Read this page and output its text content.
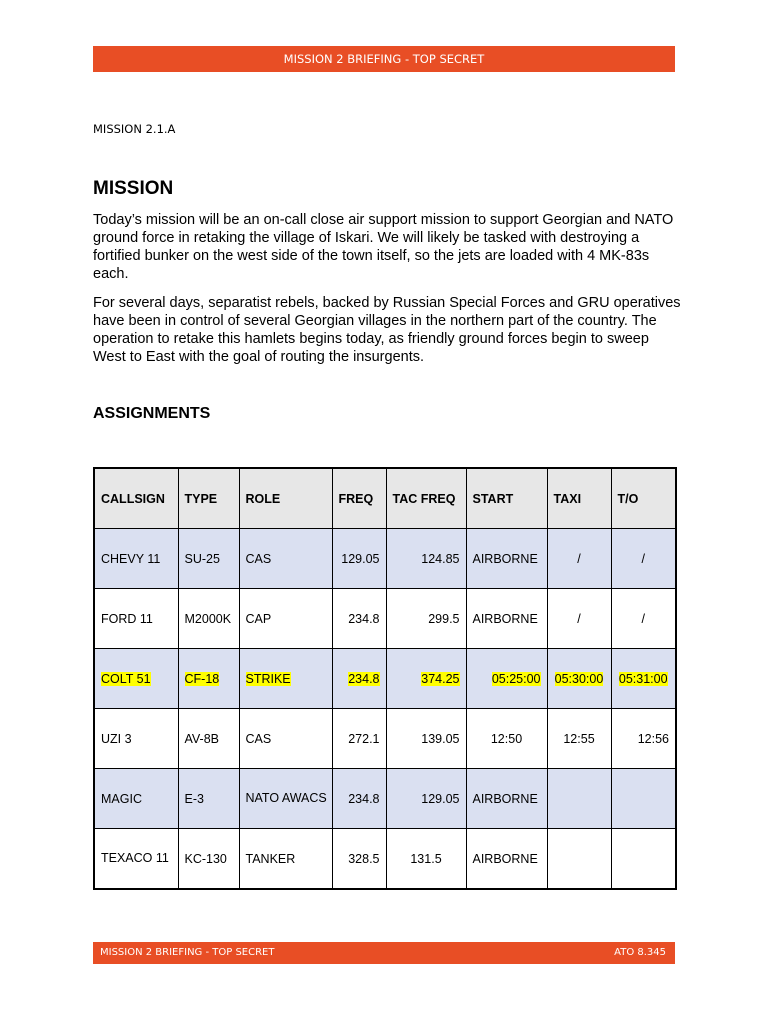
MISSION 2 BRIEFING - TOP SECRET
MISSION 2.1.A
MISSION

Today’s mission will be an on-call close air support mission to support Georgian and NATO ground force in retaking the village of Iskari. We will likely be tasked with destroying a fortified bunker on the west side of the town itself, so the jets are loaded with 4 MK-83s each.

For several days, separatist rebels, backed by Russian Special Forces and GRU operatives have been in control of several Georgian villages in the northern part of the country. The operation to retake this hamlets begins today, as friendly ground forces begin to sweep West to East with the goal of routing the insurgents.

ASSIGNMENTS
CALLSIGN	TYPE	ROLE	FREQ	TAC FREQ	START	TAXI	T/O
CHEVY 11	SU-25	CAS	129.05	124.85	AIRBORNE	/	/
FORD 11	M2000K	CAP	234.8	299.5	AIRBORNE	/	/
COLT 51	CF-18	STRIKE	234.8	374.25	05:25:00	05:30:00	05:31:00
UZI 3	AV-8B	CAS	272.1	139.05	12:50	12:55	12:56
MAGIC	E-3	NATO AWACS	234.8	129.05	AIRBORNE		

TEXACO 11	KC-130	TANKER	328.5	131.5	AIRBORNE		
MISSION 2 BRIEFING - TOP SECRET	ATO 8.345
